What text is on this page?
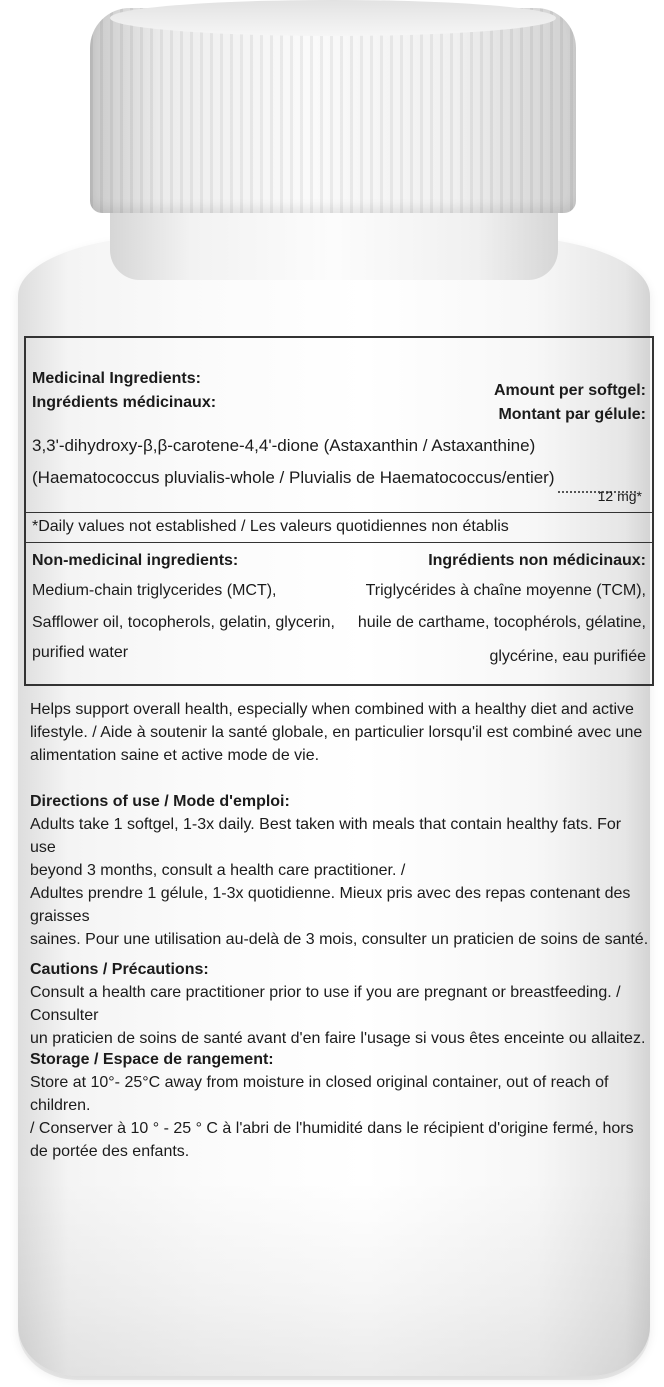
Medicinal Ingredients:
Ingrédients médicinaux:
Amount per softgel:
Montant par gélule:
3,3'-dihydroxy-β,β-carotene-4,4'-dione (Astaxanthin / Astaxanthine)
(Haematococcus pluvialis-whole / Pluvialis de Haematococcus/entier)
12 mg*
*Daily values not established / Les valeurs quotidiennes non établis
Non-medicinal ingredients:	Ingrédients non médicinaux:
Medium-chain triglycerides (MCT),
Safflower oil, tocopherols, gelatin, glycerin,
purified water
Triglycérides à chaîne moyenne (TCM),
huile de carthame, tocophérols, gélatine,
glycérine, eau purifiée
Helps support overall health, especially when combined with a healthy diet and active
lifestyle. / Aide à soutenir la santé globale, en particulier lorsqu'il est combiné avec une
alimentation saine et active mode de vie.
Directions of use / Mode d'emploi:
Adults take 1 softgel, 1-3x daily. Best taken with meals that contain healthy fats. For use
beyond 3 months, consult a health care practitioner. /
Adultes prendre 1 gélule, 1-3x quotidienne. Mieux pris avec des repas contenant des graisses
saines. Pour une utilisation au-delà de 3 mois, consulter un praticien de soins de santé.
Cautions / Précautions:
Consult a health care practitioner prior to use if you are pregnant or breastfeeding. / Consulter
un praticien de soins de santé avant d'en faire l'usage si vous êtes enceinte ou allaitez.
Storage / Espace de rangement:
Store at 10°- 25°C away from moisture in closed original container, out of reach of children.
/ Conserver à 10 ° - 25 ° C à l'abri de l'humidité dans le récipient d'origine fermé, hors
de portée des enfants.
